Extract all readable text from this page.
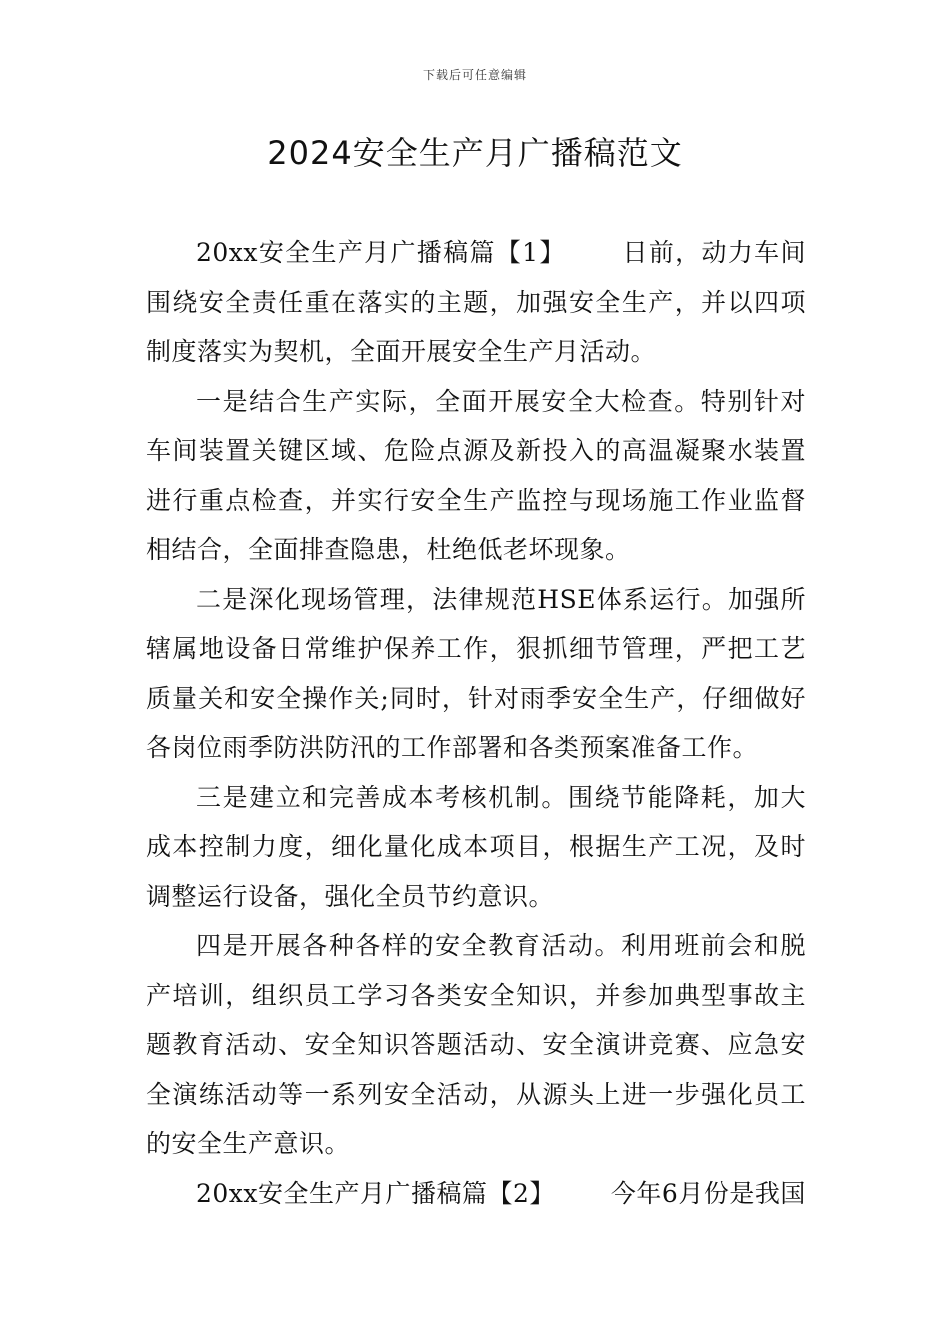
下载后可任意编辑
2024安全生产月广播稿范文

20xx安全生产月广播稿篇【1】 日前，动力车间围绕安全责任重在落实的主题，加强安全生产，并以四项制度落实为契机，全面开展安全生产月活动。

一是结合生产实际，全面开展安全大检查。特别针对车间装置关键区域、危险点源及新投入的高温凝聚水装置进行重点检查，并实行安全生产监控与现场施工作业监督相结合，全面排查隐患，杜绝低老坏现象。

二是深化现场管理，法律规范HSE体系运行。加强所辖属地设备日常维护保养工作，狠抓细节管理，严把工艺质量关和安全操作关;同时，针对雨季安全生产，仔细做好各岗位雨季防洪防汛的工作部署和各类预案准备工作。

三是建立和完善成本考核机制。围绕节能降耗，加大成本控制力度，细化量化成本项目，根据生产工况，及时调整运行设备，强化全员节约意识。

四是开展各种各样的安全教育活动。利用班前会和脱产培训，组织员工学习各类安全知识，并参加典型事故主题教育活动、安全知识答题活动、安全演讲竞赛、应急安全演练活动等一系列安全活动，从源头上进一步强化员工的安全生产意识。

20xx安全生产月广播稿篇【2】 今年6月份是我国
